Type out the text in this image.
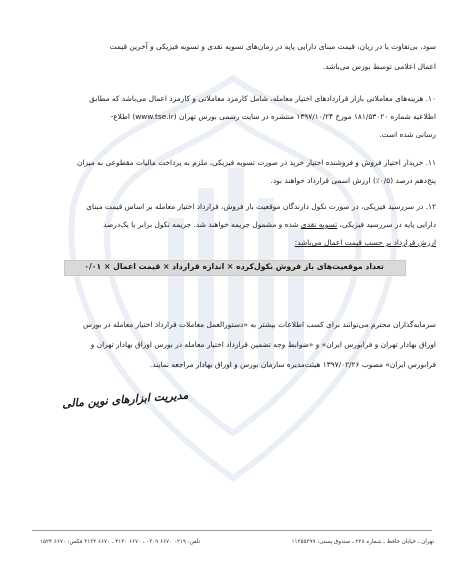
سود، بی‌تفاوت یا در زیان، قیمت مبنای دارایی پایه در زمان‌های تسویه نقدی و تسویه فیزیکی و آخرین قیمت
اعمال اعلامی توسط بورس می‌باشد.
۱۰. هزینه‌های معاملاتی بازار قراردادهای اختیار معامله، شامل کارمزد معاملاتی و کارمزد اعمال می‌باشد که مطابق
اطلاعیه شماره ۱۸۱/۵۳۰۲۰ مورخ ۱۳۹۷/۱۰/۲۴ منتشره در سایت رسمی بورس تهران (www.tse.ir) اطلاع-
رسانی شده است.
۱۱. خریدار اختیار فروش و فروشنده اختیار خرید در صورت تسویه فیزیکی، ملزم به پرداخت مالیات مقطوعی به میزان
پنج‌دهم درصد (۰/۵٪) ارزش اسمی قرارداد خواهند بود.
۱۲. در سررسید فیزیکی، در صورت نکول دارندگان موقعیت باز فروش، قرارداد اختیار معامله بر اساس قیمت مبنای
دارایی پایه در سررسید فیزیکی، تسویه نقدی شده و مشمول جریمه خواهند شد. جریمه نکول برابر با یک‌درصد
ارزش قرارداد بر حسب قیمت اعمال می‌باشد:
تعداد موقعیت‌های باز فروش نکول‌کرده × اندازه قرارداد × قیمت اعمال × ۰/۰۱
سرمایه‌گذاران محترم می‌توانند برای کسب اطلاعات بیشتر به «دستورالعمل معاملات قرارداد اختیار معامله در بورس
اوراق بهادار تهران و فرابورس ایران» و «ضوابط وجه تضمین قرارداد اختیار معامله در بورس اوراق بهادار تهران و
فرابورس ایران» مصوب ۱۳۹۷/۰۲/۲۶ هیئت‌مدیره سازمان بورس و اوراق بهادار مراجعه نمایند.
مدیریت ابزارهای نوین مالی
تهران ـ خیابان حافظ ـ شماره ۲۲۸ ـ صندوق پستی: ۱۱۳۵۵۳۹۹
تلفن: ۰۲۱۹ ۶۶۷۰ ۰۳۰۹ ـ ۶۶۷۰ ۴۱۳۰ ـ ۶۶۷۰ ۴۱۳۲ فکس: ۶۶۷۰ ۱۵۲۴
